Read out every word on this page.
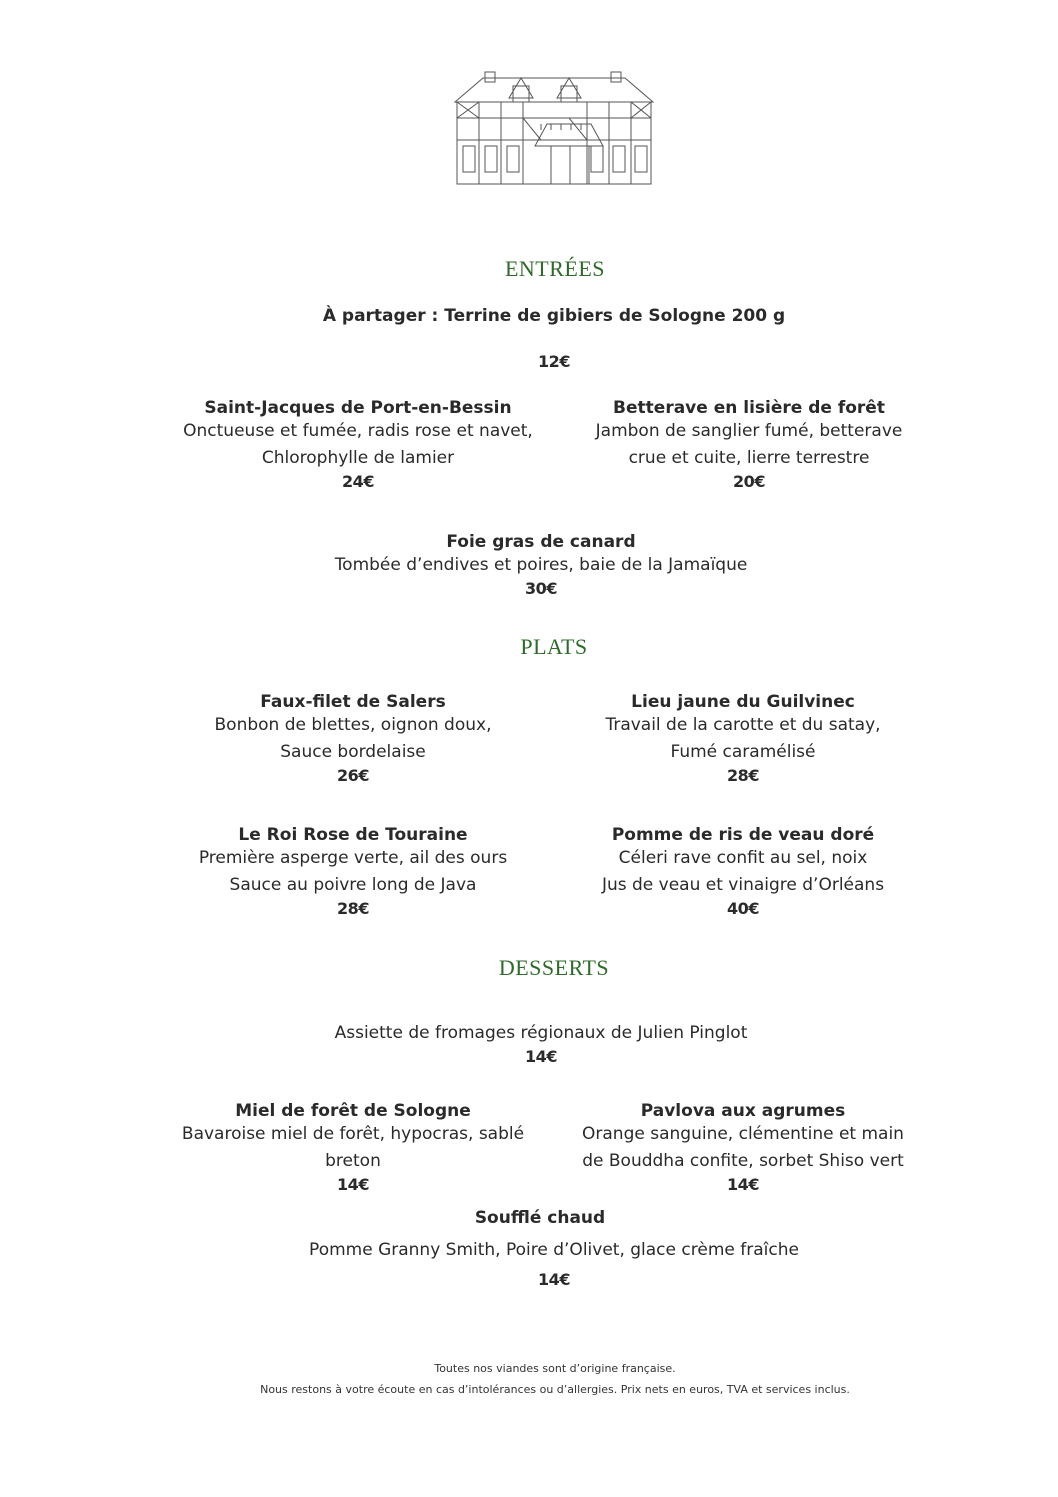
ENTRÉES
À partager : Terrine de gibiers de Sologne 200 g
12€
Saint-Jacques de Port-en-Bessin
Onctueuse et fumée, radis rose et navet,
Chlorophylle de lamier
24€
Betterave en lisière de forêt
Jambon de sanglier fumé, betterave
crue et cuite, lierre terrestre
20€
Foie gras de canard
Tombée d’endives et poires, baie de la Jamaïque
30€
PLATS
Faux-filet de Salers
Bonbon de blettes, oignon doux,
Sauce bordelaise
26€
Lieu jaune du Guilvinec
Travail de la carotte et du satay,
Fumé caramélisé
28€
Le Roi Rose de Touraine
Première asperge verte, ail des ours
Sauce au poivre long de Java
28€
Pomme de ris de veau doré
Céleri rave confit au sel, noix
Jus de veau et vinaigre d’Orléans
40€
DESSERTS
Assiette de fromages régionaux de Julien Pinglot
14€
Miel de forêt de Sologne
Bavaroise miel de forêt, hypocras, sablé
breton
14€
Pavlova aux agrumes
Orange sanguine, clémentine et main
de Bouddha confite, sorbet Shiso vert
14€
Soufflé chaud
Pomme Granny Smith, Poire d’Olivet, glace crème fraîche
14€
Toutes nos viandes sont d’origine française.
Nous restons à votre écoute en cas d’intolérances ou d’allergies. Prix nets en euros, TVA et services inclus.
